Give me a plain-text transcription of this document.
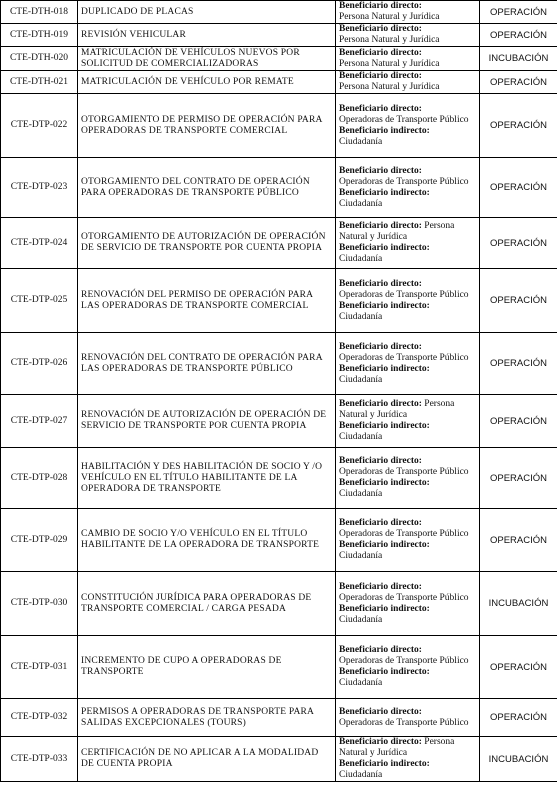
CTE-DTH-018	DUPLICADO DE PLACAS	Beneficiario directo:
Persona Natural y Jurídica	OPERACIÓN
CTE-DTH-019	REVISIÓN VEHICULAR	Beneficiario directo:
Persona Natural y Jurídica	OPERACIÓN
CTE-DTH-020	MATRICULACIÓN DE VEHÍCULOS NUEVOS POR SOLICITUD DE COMERCIALIZADORAS	Beneficiario directo:
Persona Natural y Jurídica	INCUBACIÓN
CTE-DTH-021	MATRICULACIÓN DE VEHÍCULO POR REMATE	Beneficiario directo:
Persona Natural y Jurídica	OPERACIÓN
CTE-DTP-022	OTORGAMIENTO DE PERMISO DE OPERACIÓN PARA OPERADORAS DE TRANSPORTE COMERCIAL	Beneficiario directo:
Operadoras de Transporte Público
Beneficiario indirecto:
Ciudadanía	OPERACIÓN
CTE-DTP-023	OTORGAMIENTO DEL CONTRATO DE OPERACIÓN PARA OPERADORAS DE TRANSPORTE PÚBLICO	Beneficiario directo:
Operadoras de Transporte Público
Beneficiario indirecto:
Ciudadanía	OPERACIÓN
CTE-DTP-024	OTORGAMIENTO DE AUTORIZACIÓN DE OPERACIÓN DE SERVICIO DE TRANSPORTE POR CUENTA PROPIA	Beneficiario directo: Persona Natural y Jurídica
Beneficiario indirecto:
Ciudadanía	OPERACIÓN
CTE-DTP-025	RENOVACIÓN DEL PERMISO DE OPERACIÓN PARA LAS OPERADORAS DE TRANSPORTE COMERCIAL	Beneficiario directo:
Operadoras de Transporte Público
Beneficiario indirecto:
Ciudadanía	OPERACIÓN
CTE-DTP-026	RENOVACIÓN DEL CONTRATO DE OPERACIÓN PARA LAS OPERADORAS DE TRANSPORTE PÚBLICO	Beneficiario directo:
Operadoras de Transporte Público
Beneficiario indirecto:
Ciudadanía	OPERACIÓN
CTE-DTP-027	RENOVACIÓN DE AUTORIZACIÓN DE OPERACIÓN DE SERVICIO DE TRANSPORTE POR CUENTA PROPIA	Beneficiario directo: Persona Natural y Jurídica
Beneficiario indirecto:
Ciudadanía	OPERACIÓN
CTE-DTP-028	HABILITACIÓN Y DES HABILITACIÓN DE SOCIO Y /O VEHÍCULO EN EL TÍTULO HABILITANTE DE LA OPERADORA DE TRANSPORTE	Beneficiario directo:
Operadoras de Transporte Público
Beneficiario indirecto:
Ciudadanía	OPERACIÓN
CTE-DTP-029	CAMBIO DE SOCIO Y/O VEHÍCULO EN EL TÍTULO HABILITANTE DE LA OPERADORA DE TRANSPORTE	Beneficiario directo:
Operadoras de Transporte Público
Beneficiario indirecto:
Ciudadanía	OPERACIÓN
CTE-DTP-030	CONSTITUCIÓN JURÍDICA PARA OPERADORAS DE TRANSPORTE COMERCIAL / CARGA PESADA	Beneficiario directo:
Operadoras de Transporte Público
Beneficiario indirecto:
Ciudadanía	INCUBACIÓN
CTE-DTP-031	INCREMENTO DE CUPO A OPERADORAS DE TRANSPORTE	Beneficiario directo:
Operadoras de Transporte Público
Beneficiario indirecto:
Ciudadanía	OPERACIÓN
CTE-DTP-032	PERMISOS A OPERADORAS DE TRANSPORTE PARA SALIDAS EXCEPCIONALES (TOURS)	Beneficiario directo:
Operadoras de Transporte Público	OPERACIÓN
CTE-DTP-033	CERTIFICACIÓN DE NO APLICAR A LA MODALIDAD DE CUENTA PROPIA	Beneficiario directo: Persona Natural y Jurídica
Beneficiario indirecto:
Ciudadanía	INCUBACIÓN
